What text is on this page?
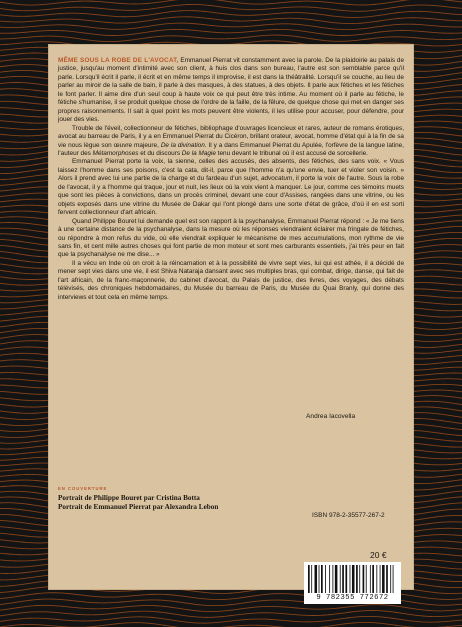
MÊME SOUS LA ROBE DE L'AVOCAT, Emmanuel Pierrat vit constamment avec la parole. De la plaidoirie au palais de justice, jusqu'au moment d'intimité avec son client, à huis clos dans son bureau, l'autre est son semblable parce qu'il parle. Lorsqu'il écrit il parle, il écrit et en même temps il improvise, il est dans la théâtralité. Lorsqu'il se couche, au lieu de parler au miroir de la salle de bain, il parle à des masques, à des statues, à des objets. Il parle aux fétiches et les fétiches le font parler. Il aime dire d'un seul coup à haute voix ce qui peut être très intime. Au moment où il parle au fétiche, le fétiche s'humanise, il se produit quelque chose de l'ordre de la faille, de la fêlure, de quelque chose qui met en danger ses propres raisonnements. Il sait à quel point les mots peuvent être violents, il les utilise pour accuser, pour défendre, pour jouer des vies.

Trouble de l'éveil, collectionneur de fétiches, bibliophage d'ouvrages licencieux et rares, auteur de romans érotiques, avocat au barreau de Paris, il y a en Emmanuel Pierrat du Cicéron, brillant orateur, avocat, homme d'état qui à la fin de sa vie nous lègue son œuvre majeure, De la divination. Il y a dans Emmanuel Pierrat du Apulée, l'orfèvre de la langue latine, l'auteur des Métamorphoses et du discours De la Magie tenu devant le tribunal où il est accusé de sorcellerie.

Emmanuel Pierrat porte la voix, la sienne, celles des accusés, des absents, des fétiches, des sans voix. « Vous laissez l'homme dans ses poisons, c'est la cata, dit-il, parce que l'homme n'a qu'une envie, tuer et violer son voisin. » Alors il prend avec lui une partie de la charge et du fardeau d'un sujet, advocatum, il porte la voix de l'autre. Sous la robe de l'avocat, il y a l'homme qui traque, jour et nuit, les lieux où la voix vient à manquer. Le jour, comme ces témoins muets que sont les pièces à convictions, dans un procès criminel, devant une cour d'Assises, rangées dans une vitrine, ou les objets exposés dans une vitrine du Musée de Dakar qui l'ont plongé dans une sorte d'état de grâce, d'où il en est sorti fervent collectionneur d'art africain.

Quand Philippe Bouret lui demande quel est son rapport à la psychanalyse, Emmanuel Pierrat répond : « Je me tiens à une certaine distance de la psychanalyse, dans la mesure où les réponses viendraient éclairer ma fringale de fétiches, ou répondre à mon refus du vide, où elle viendrait expliquer le mécanisme de mes accumulations, mon rythme de vie sans fin, et cent mille autres choses qui font partie de mon moteur et sont mes carburants essentiels, j'ai très peur en fait que la psychanalyse ne me dise... »

Il a vécu en Inde où on croit à la réincarnation et à la possibilité de vivre sept vies, lui qui est athée, il a décidé de mener sept vies dans une vie, il est Shiva Nataraja dansant avec ses multiples bras, qui combat, dirige, danse, qui fait de l'art africain, de la franc-maçonnerie, du cabinet d'avocat, du Palais de justice, des livres, des voyages, des débats télévisés, des chroniques hebdomadaires, du Musée du barreau de Paris, du Musée du Quai Branly, qui donne des interviews et tout cela en même temps.

Andrea Iacovella
EN COUVERTURE
Portrait de Philippe Bouret par Cristina Botta
Portrait de Emmanuel Pierrat par Alexandra Lebon
ISBN 978-2-35577-267-2
20 €
9 782355 772672
